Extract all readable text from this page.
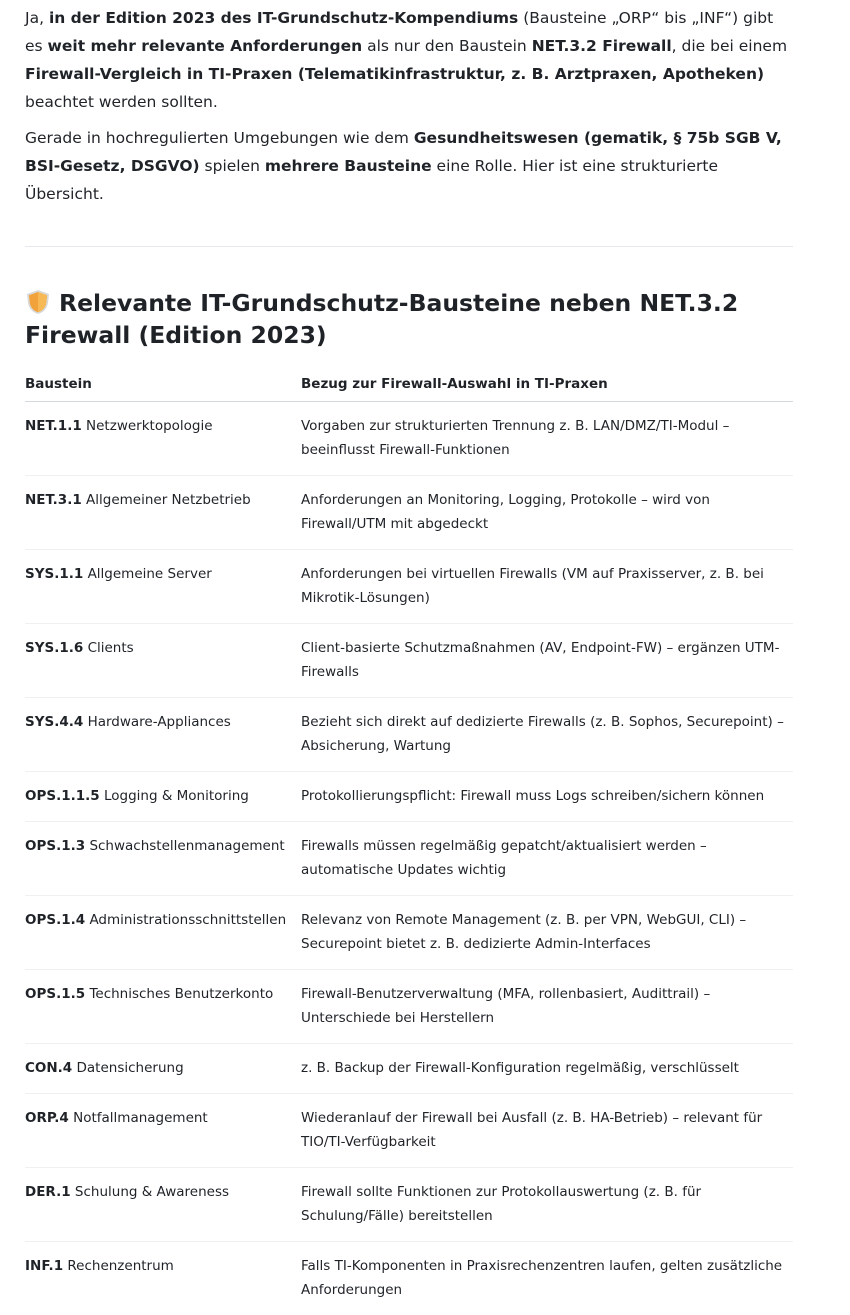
Ja, in der Edition 2023 des IT-Grundschutz-Kompendiums (Bausteine „ORP“ bis „INF“) gibt es weit mehr relevante Anforderungen als nur den Baustein NET.3.2 Firewall, die bei einem Firewall-Vergleich in TI-Praxen (Telematikinfrastruktur, z. B. Arztpraxen, Apotheken) beachtet werden sollten.

Gerade in hochregulierten Umgebungen wie dem Gesundheitswesen (gematik, § 75b SGB V, BSI-Gesetz, DSGVO) spielen mehrere Bausteine eine Rolle. Hier ist eine strukturierte Übersicht.

Relevante IT-Grundschutz-Bausteine neben NET.3.2 Firewall (Edition 2023)
Baustein	Bezug zur Firewall-Auswahl in TI-Praxen
NET.1.1 Netzwerktopologie	Vorgaben zur strukturierten Trennung z. B. LAN/DMZ/TI-Modul – beeinflusst Firewall-Funktionen
NET.3.1 Allgemeiner Netzbetrieb	Anforderungen an Monitoring, Logging, Protokolle – wird von Firewall/UTM mit abgedeckt
SYS.1.1 Allgemeine Server	Anforderungen bei virtuellen Firewalls (VM auf Praxisserver, z. B. bei Mikrotik-Lösungen)
SYS.1.6 Clients	Client-basierte Schutzmaßnahmen (AV, Endpoint-FW) – ergänzen UTM-Firewalls
SYS.4.4 Hardware-Appliances	Bezieht sich direkt auf dedizierte Firewalls (z. B. Sophos, Securepoint) – Absicherung, Wartung
OPS.1.1.5 Logging & Monitoring	Protokollierungspflicht: Firewall muss Logs schreiben/sichern können
OPS.1.3 Schwachstellenmanagement	Firewalls müssen regelmäßig gepatcht/aktualisiert werden – automatische Updates wichtig
OPS.1.4 Administrationsschnittstellen	Relevanz von Remote Management (z. B. per VPN, WebGUI, CLI) – Securepoint bietet z. B. dedizierte Admin-Interfaces
OPS.1.5 Technisches Benutzerkonto	Firewall-Benutzerverwaltung (MFA, rollenbasiert, Audittrail) – Unterschiede bei Herstellern
CON.4 Datensicherung	z. B. Backup der Firewall-Konfiguration regelmäßig, verschlüsselt
ORP.4 Notfallmanagement	Wiederanlauf der Firewall bei Ausfall (z. B. HA-Betrieb) – relevant für TIO/TI-Verfügbarkeit
DER.1 Schulung & Awareness	Firewall sollte Funktionen zur Protokollauswertung (z. B. für Schulung/Fälle) bereitstellen
INF.1 Rechenzentrum	Falls TI-Komponenten in Praxisrechenzentren laufen, gelten zusätzliche Anforderungen
